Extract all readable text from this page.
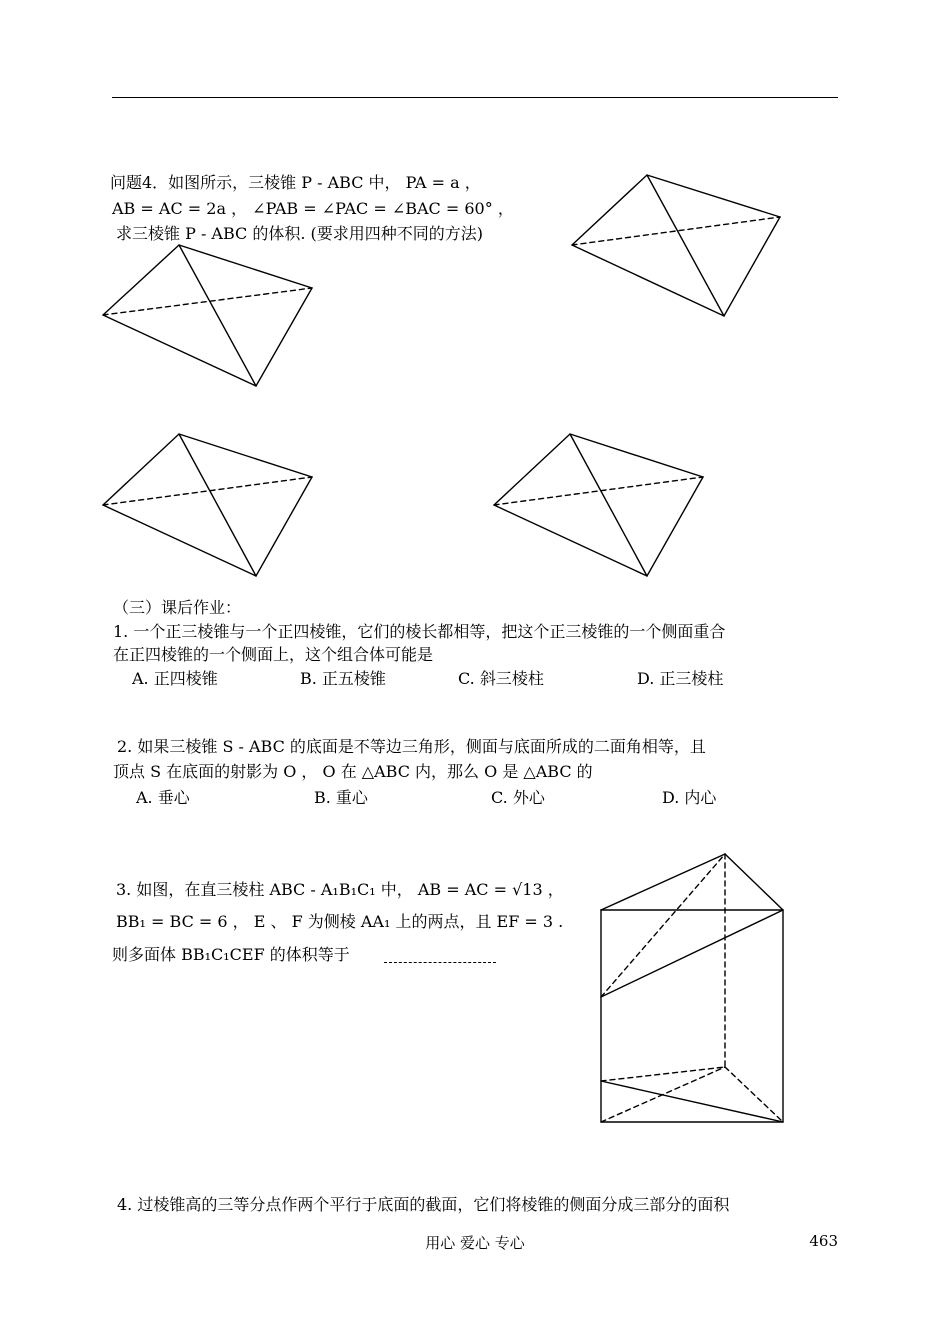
问题4．如图所示，三棱锥 P - ABC 中， PA = a ，
AB = AC = 2a ， ∠PAB = ∠PAC = ∠BAC = 60° ，
求三棱锥 P - ABC 的体积. (要求用四种不同的方法)
（三）课后作业：
1. 一个正三棱锥与一个正四棱锥，它们的棱长都相等，把这个正三棱锥的一个侧面重合
在正四棱锥的一个侧面上，这个组合体可能是
A. 正四棱锥	B. 正五棱锥	C. 斜三棱柱	D. 正三棱柱
2. 如果三棱锥 S - ABC 的底面是不等边三角形，侧面与底面所成的二面角相等，且
顶点 S 在底面的射影为 O ， O 在 △ABC 内，那么 O 是 △ABC 的
A. 垂心	B. 重心	C. 外心	D. 内心
3. 如图，在直三棱柱 ABC - A₁B₁C₁ 中， AB = AC = √13 ，
BB₁ = BC = 6 ， E 、 F 为侧棱 AA₁ 上的两点，且 EF = 3 .
则多面体 BB₁C₁CEF 的体积等于
4. 过棱锥高的三等分点作两个平行于底面的截面，它们将棱锥的侧面分成三部分的面积
用心 爱心 专心	463
